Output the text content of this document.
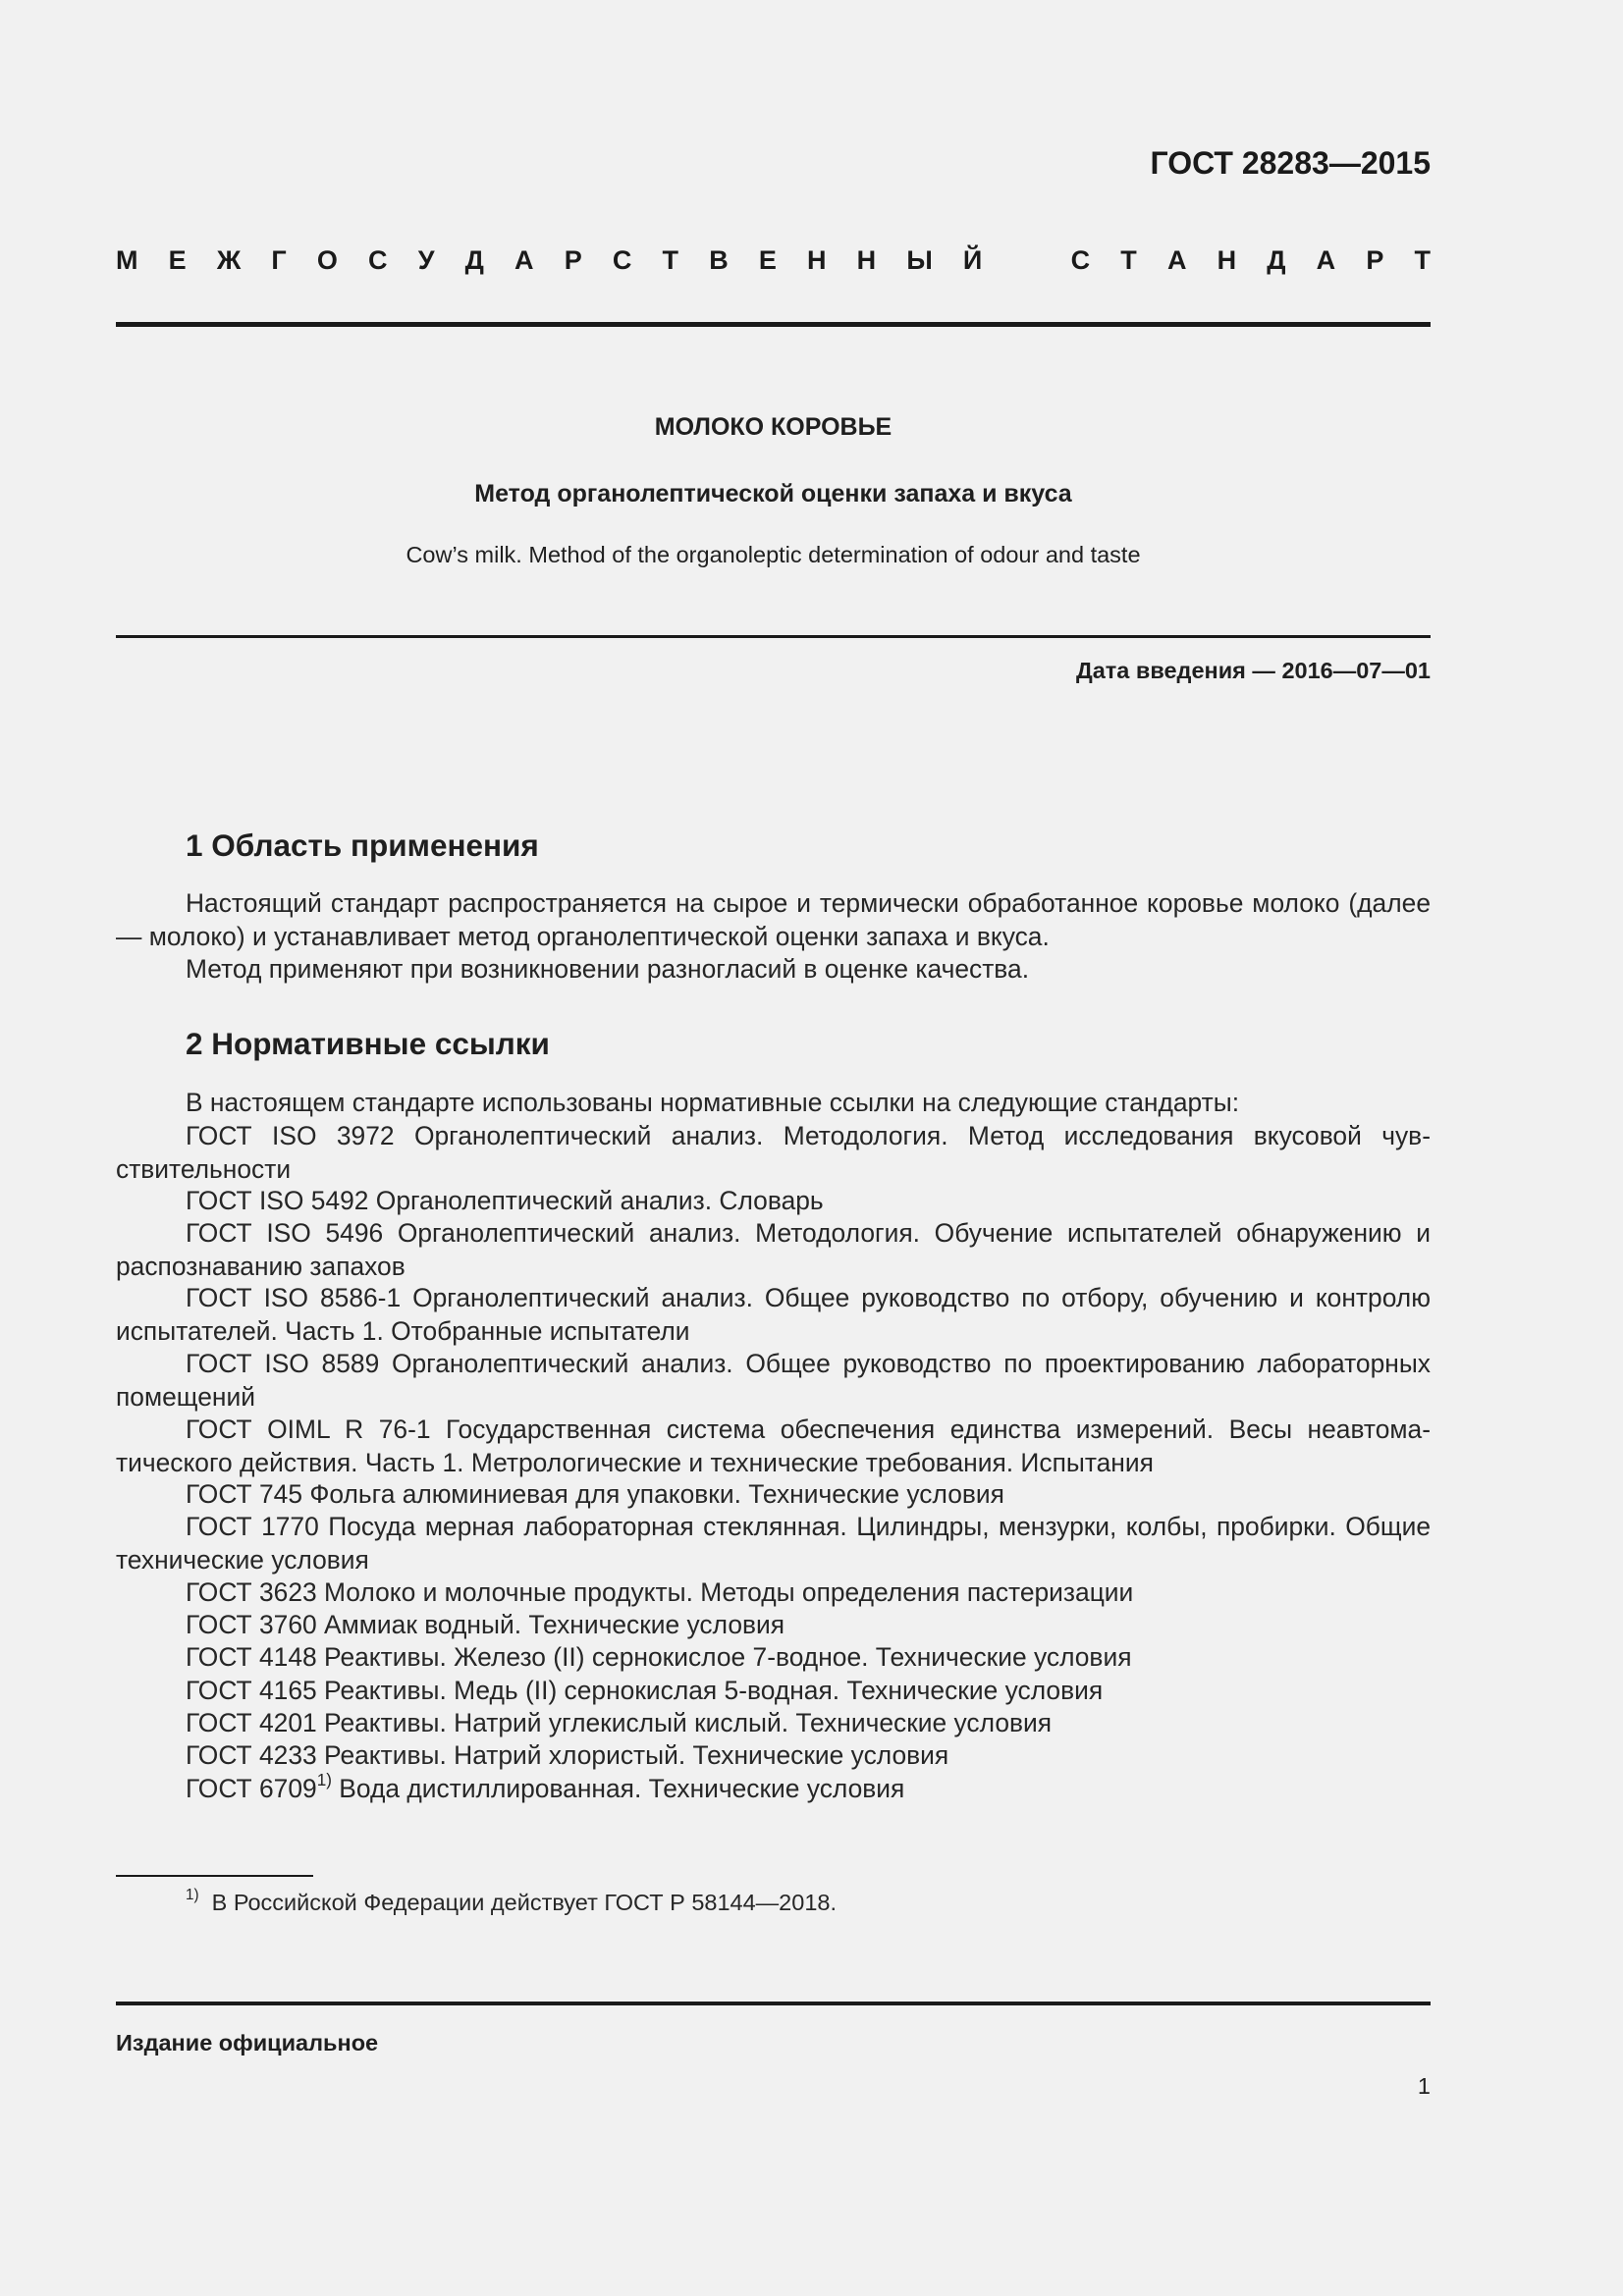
ГОСТ 28283—2015
М Е Ж Г О С У Д А Р С Т В Е Н Н Ы Й	С Т А Н Д А Р Т
МОЛОКО КОРОВЬЕ
Метод органолептической оценки запаха и вкуса
Cow’s milk. Method of the organoleptic determination of odour and taste
Дата введения — 2016—07—01
1 Область применения
Настоящий стандарт распространяется на сырое и термически обработанное коровье молоко (далее — молоко) и устанавливает метод органолептической оценки запаха и вкуса.
Метод применяют при возникновении разногласий в оценке качества.
2 Нормативные ссылки
В настоящем стандарте использованы нормативные ссылки на следующие стандарты:
ГОСТ ISO 3972 Органолептический анализ. Методология. Метод исследования вкусовой чувствительности
ГОСТ ISO 5492 Органолептический анализ. Словарь
ГОСТ ISO 5496 Органолептический анализ. Методология. Обучение испытателей обнаружению и распознаванию запахов
ГОСТ ISO 8586-1 Органолептический анализ. Общее руководство по отбору, обучению и контролю испытателей. Часть 1. Отобранные испытатели
ГОСТ ISO 8589 Органолептический анализ. Общее руководство по проектированию лабораторных помещений
ГОСТ OIML R 76-1 Государственная система обеспечения единства измерений. Весы неавтоматического действия. Часть 1. Метрологические и технические требования. Испытания
ГОСТ 745 Фольга алюминиевая для упаковки. Технические условия
ГОСТ 1770 Посуда мерная лабораторная стеклянная. Цилиндры, мензурки, колбы, пробирки. Общие технические условия
ГОСТ 3623 Молоко и молочные продукты. Методы определения пастеризации
ГОСТ 3760 Аммиак водный. Технические условия
ГОСТ 4148 Реактивы. Железо (II) сернокислое 7-водное. Технические условия
ГОСТ 4165 Реактивы. Медь (II) сернокислая 5-водная. Технические условия
ГОСТ 4201 Реактивы. Натрий углекислый кислый. Технические условия
ГОСТ 4233 Реактивы. Натрий хлористый. Технические условия
ГОСТ 6709$^{1)}$ Вода дистиллированная. Технические условия
$^{1)}$ В Российской Федерации действует ГОСТ Р 58144—2018.
Издание официальное
1
